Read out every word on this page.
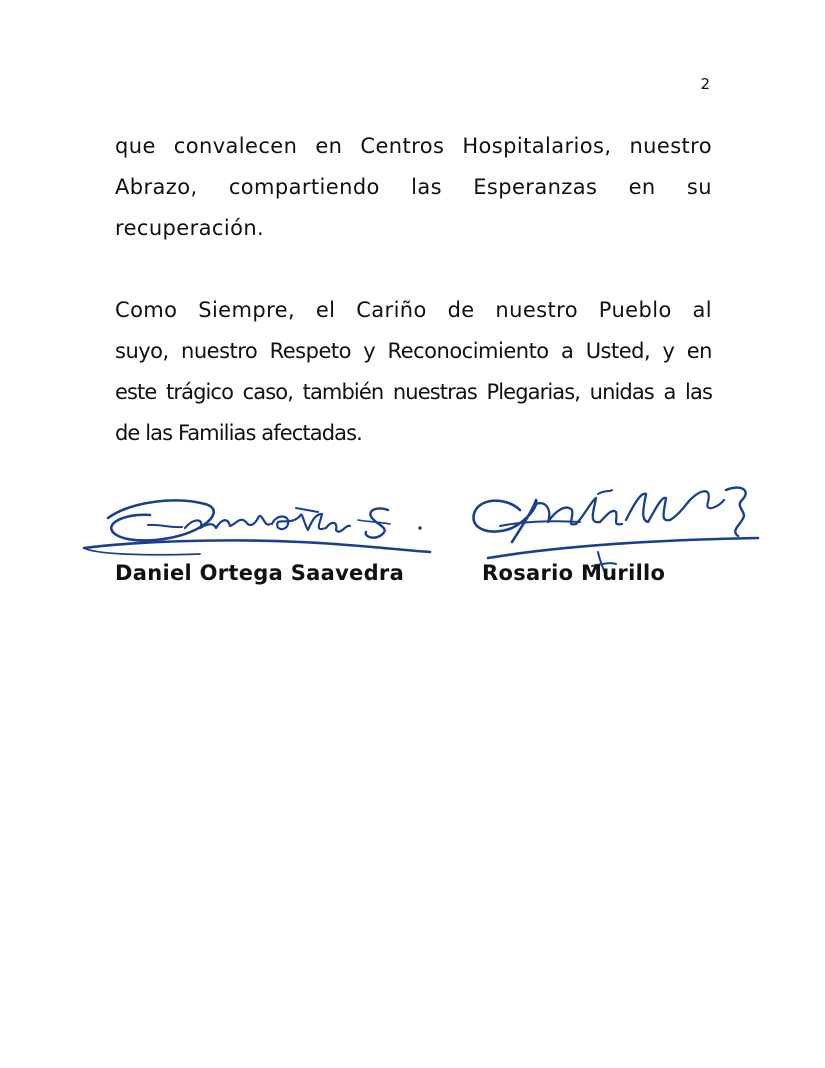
2

que convalecen en Centros Hospitalarios, nuestro
Abrazo, compartiendo las Esperanzas en su
recuperación.

Como Siempre, el Cariño de nuestro Pueblo al
suyo, nuestro Respeto y Reconocimiento a Usted, y en
este trágico caso, también nuestras Plegarias, unidas a las
de las Familias afectadas.

Daniel Ortega Saavedra	Rosario Murillo
